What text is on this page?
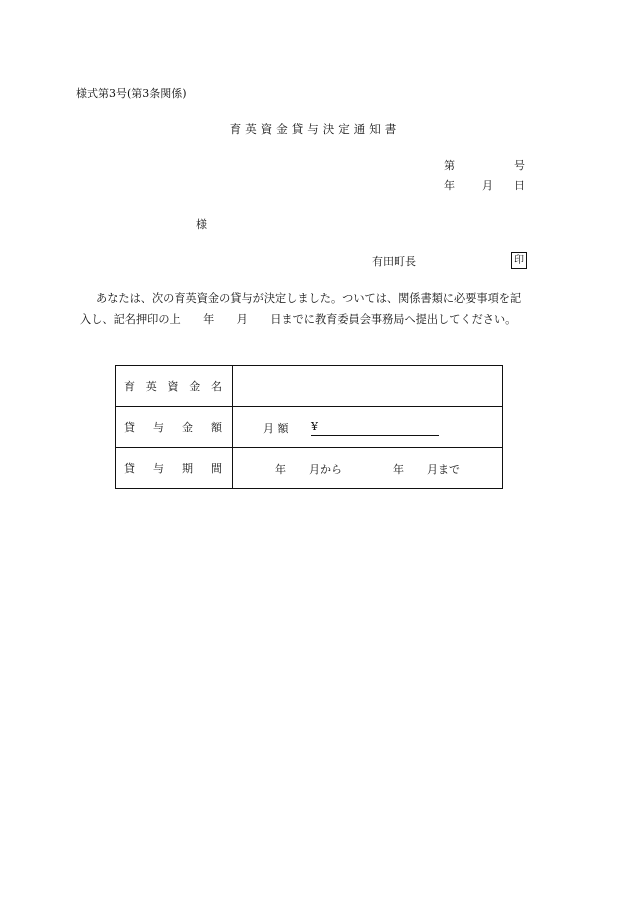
様式第3号(第3条関係)
育英資金貸与決定通知書
第	号
年 月 日
様
有田町長	印
あなたは、次の育英資金の貸与が決定しました。ついては、関係書類に必要事項を記
入し、記名押印の上　　年　　月　　日までに教育委員会事務局へ提出してください。
育 英 資 金 名	

貸 与 金 額	月 額 ¥

貸 与 期 間	年 月から 年 月まで
